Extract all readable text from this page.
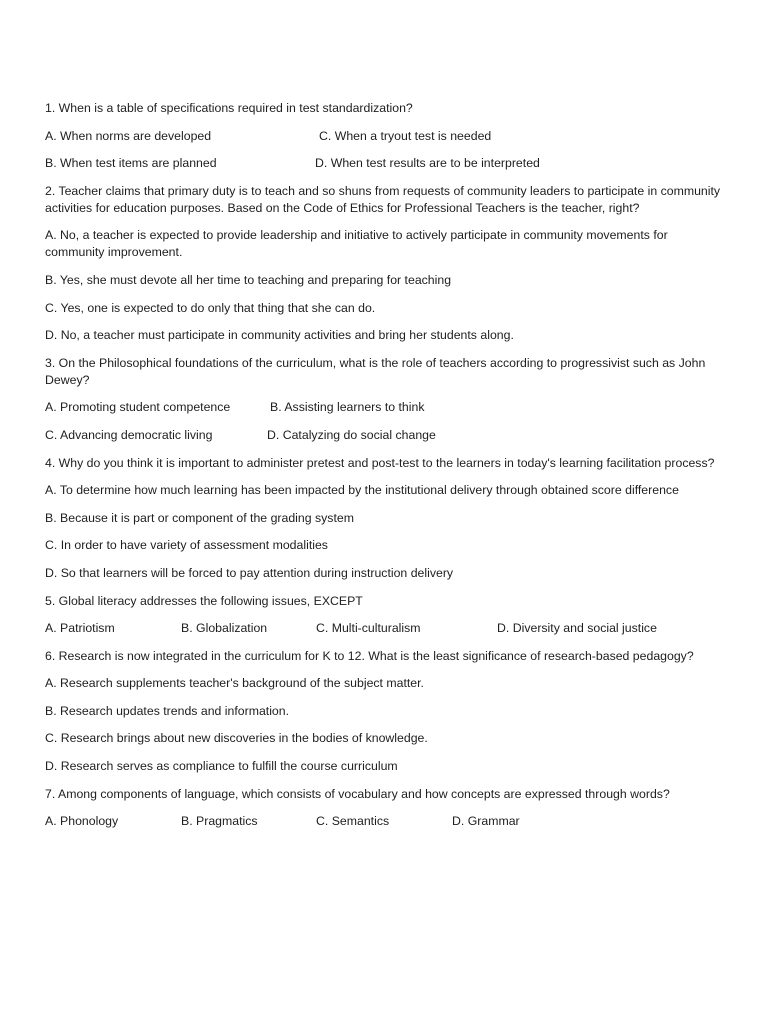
1. When is a table of specifications required in test standardization?
A. When norms are developed	C. When a tryout test is needed
B. When test items are planned	D. When test results are to be interpreted
2. Teacher claims that primary duty is to teach and so shuns from requests of community leaders to participate in community activities for education purposes. Based on the Code of Ethics for Professional Teachers is the teacher, right?
A. No, a teacher is expected to provide leadership and initiative to actively participate in community movements for community improvement.
B. Yes, she must devote all her time to teaching and preparing for teaching
C. Yes, one is expected to do only that thing that she can do.
D. No, a teacher must participate in community activities and bring her students along.
3. On the Philosophical foundations of the curriculum, what is the role of teachers according to progressivist such as John Dewey?
A. Promoting student competence	B. Assisting learners to think
C. Advancing democratic living	D. Catalyzing do social change
4. Why do you think it is important to administer pretest and post-test to the learners in today's learning facilitation process?
A. To determine how much learning has been impacted by the institutional delivery through obtained score difference
B. Because it is part or component of the grading system
C. In order to have variety of assessment modalities
D. So that learners will be forced to pay attention during instruction delivery
5. Global literacy addresses the following issues, EXCEPT
A. Patriotism	B. Globalization	C. Multi-culturalism	D. Diversity and social justice
6. Research is now integrated in the curriculum for K to 12. What is the least significance of research-based pedagogy?
A. Research supplements teacher's background of the subject matter.
B. Research updates trends and information.
C. Research brings about new discoveries in the bodies of knowledge.
D. Research serves as compliance to fulfill the course curriculum
7. Among components of language, which consists of vocabulary and how concepts are expressed through words?
A. Phonology	B. Pragmatics	C. Semantics	D. Grammar
